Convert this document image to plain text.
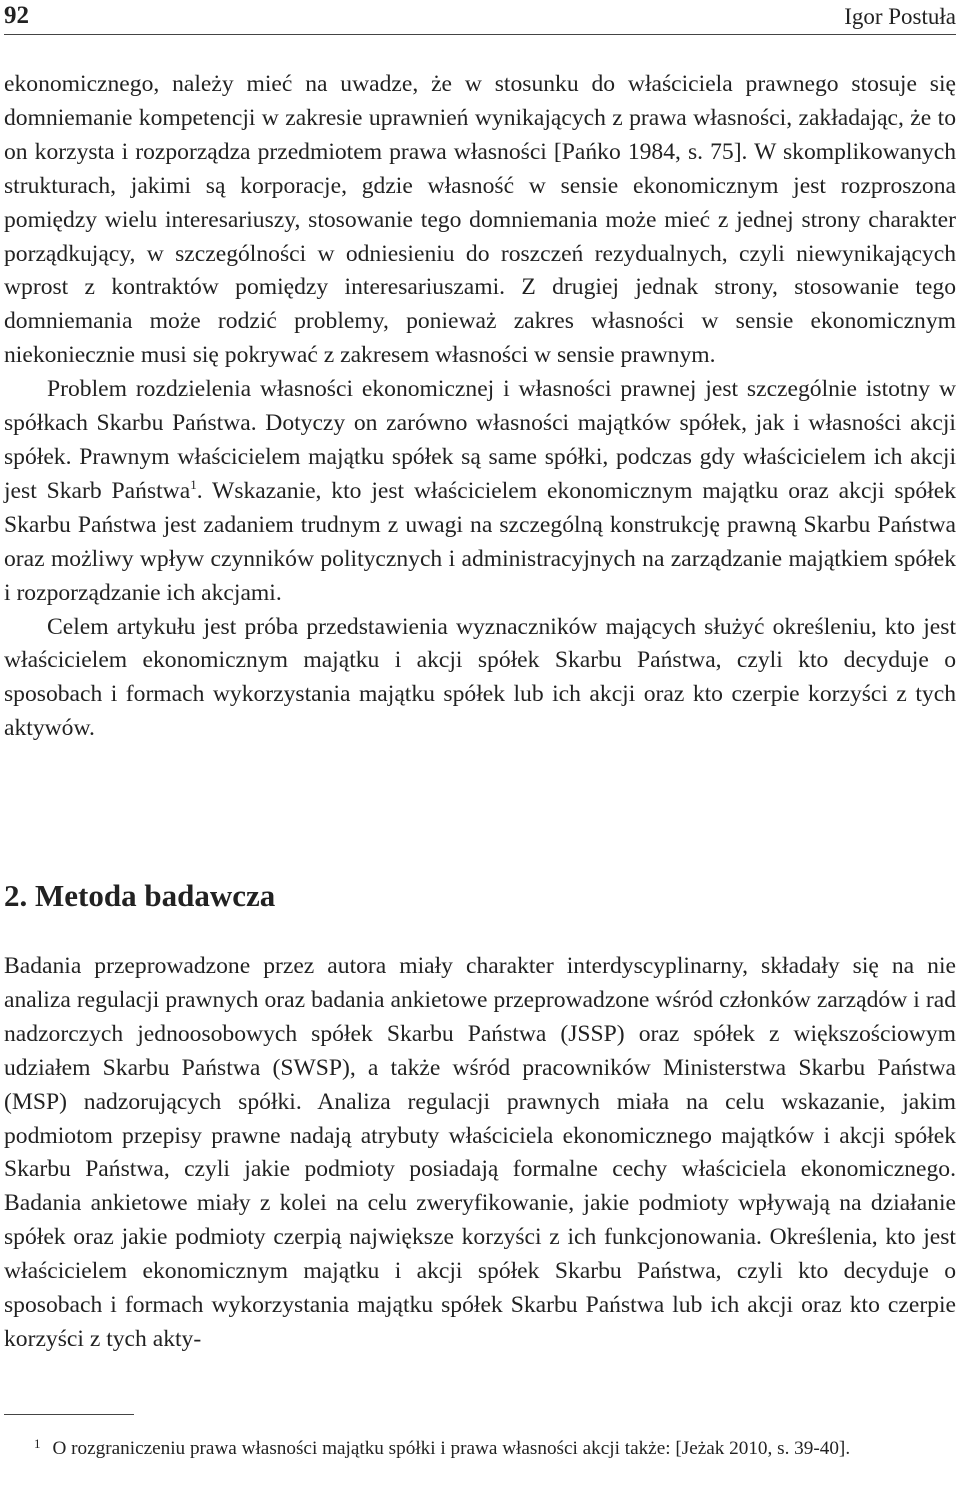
92	Igor Postuła

ekonomicznego, należy mieć na uwadze, że w stosunku do właściciela prawnego stosuje się domniemanie kompetencji w zakresie uprawnień wynikających z prawa własności, zakładając, że to on korzysta i rozporządza przedmiotem prawa własności [Pańko 1984, s. 75]. W skomplikowanych strukturach, jakimi są korporacje, gdzie własność w sensie ekonomicznym jest rozproszona pomiędzy wielu interesariuszy, stosowanie tego domniemania może mieć z jednej strony charakter porządkujący, w szczególności w odniesieniu do roszczeń rezydualnych, czyli niewynikających wprost z kontraktów pomiędzy interesariuszami. Z drugiej jednak strony, stosowanie tego domniemania może rodzić problemy, ponieważ zakres własności w sensie ekonomicznym niekoniecznie musi się pokrywać z zakresem własności w sensie prawnym.

Problem rozdzielenia własności ekonomicznej i własności prawnej jest szczególnie istotny w spółkach Skarbu Państwa. Dotyczy on zarówno własności majątków spółek, jak i własności akcji spółek. Prawnym właścicielem majątku spółek są same spółki, podczas gdy właścicielem ich akcji jest Skarb Państwa$^1$. Wskazanie, kto jest właścicielem ekonomicznym majątku oraz akcji spółek Skarbu Państwa jest zadaniem trudnym z uwagi na szczególną konstrukcję prawną Skarbu Państwa oraz możliwy wpływ czynników politycznych i administracyjnych na zarządzanie majątkiem spółek i rozporządzanie ich akcjami.

Celem artykułu jest próba przedstawienia wyznaczników mających służyć określeniu, kto jest właścicielem ekonomicznym majątku i akcji spółek Skarbu Państwa, czyli kto decyduje o sposobach i formach wykorzystania majątku spółek lub ich akcji oraz kto czerpie korzyści z tych aktywów.

2. Metoda badawcza

Badania przeprowadzone przez autora miały charakter interdyscyplinarny, składały się na nie analiza regulacji prawnych oraz badania ankietowe przeprowadzone wśród członków zarządów i rad nadzorczych jednoosobowych spółek Skarbu Państwa (JSSP) oraz spółek z większościowym udziałem Skarbu Państwa (SWSP), a także wśród pracowników Ministerstwa Skarbu Państwa (MSP) nadzorujących spółki. Analiza regulacji prawnych miała na celu wskazanie, jakim podmiotom przepisy prawne nadają atrybuty właściciela ekonomicznego majątków i akcji spółek Skarbu Państwa, czyli jakie podmioty posiadają formalne cechy właściciela ekonomicznego. Badania ankietowe miały z kolei na celu zweryfikowanie, jakie podmioty wpływają na działanie spółek oraz jakie podmioty czerpią największe korzyści z ich funkcjonowania. Określenia, kto jest właścicielem ekonomicznym majątku i akcji spółek Skarbu Państwa, czyli kto decyduje o sposobach i formach wykorzystania majątku spółek Skarbu Państwa lub ich akcji oraz kto czerpie korzyści z tych akty-

$^1$ O rozgraniczeniu prawa własności majątku spółki i prawa własności akcji także: [Jeżak 2010, s. 39-40].
